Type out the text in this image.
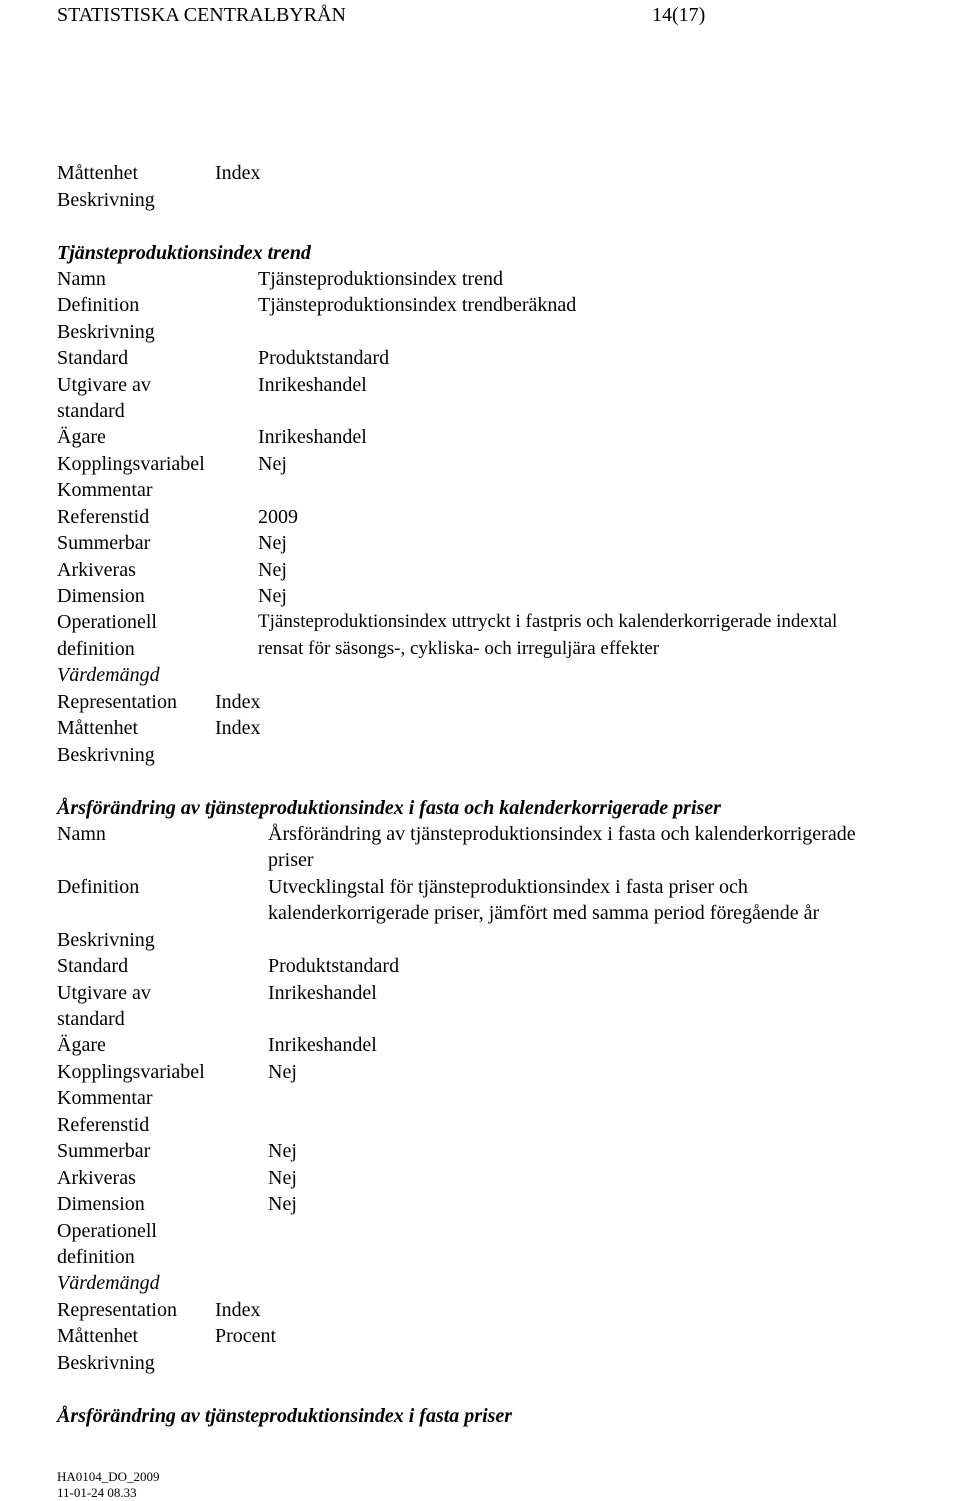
STATISTISKA CENTRALBYRÅN	14(17)
Måttenhet	Index
Beskrivning
Tjänsteproduktionsindex trend
Namn	Tjänsteproduktionsindex trend
Definition	Tjänsteproduktionsindex trendberäknad
Beskrivning
Standard	Produktstandard
Utgivare av	Inrikeshandel
standard
Ägare	Inrikeshandel
Kopplingsvariabel	Nej
Kommentar
Referenstid	2009
Summerbar	Nej
Arkiveras	Nej
Dimension	Nej
Operationell	Tjänsteproduktionsindex uttryckt i fastpris och kalenderkorrigerade indextal
definition	rensat för säsongs-, cykliska- och irreguljära effekter
Värdemängd
Representation Index
Måttenhet	Index
Beskrivning
Årsförändring av tjänsteproduktionsindex i fasta och kalenderkorrigerade priser
Namn	Årsförändring av tjänsteproduktionsindex i fasta och kalenderkorrigerade
priser
Definition	Utvecklingstal för tjänsteproduktionsindex i fasta priser och
kalenderkorrigerade priser, jämfört med samma period föregående år
Beskrivning
Standard	Produktstandard
Utgivare av	Inrikeshandel
standard
Ägare	Inrikeshandel
Kopplingsvariabel	Nej
Kommentar
Referenstid
Summerbar	Nej
Arkiveras	Nej
Dimension	Nej
Operationell
definition
Värdemängd
Representation Index
Måttenhet	Procent
Beskrivning
Årsförändring av tjänsteproduktionsindex i fasta priser
HA0104_DO_2009
11-01-24 08.33
